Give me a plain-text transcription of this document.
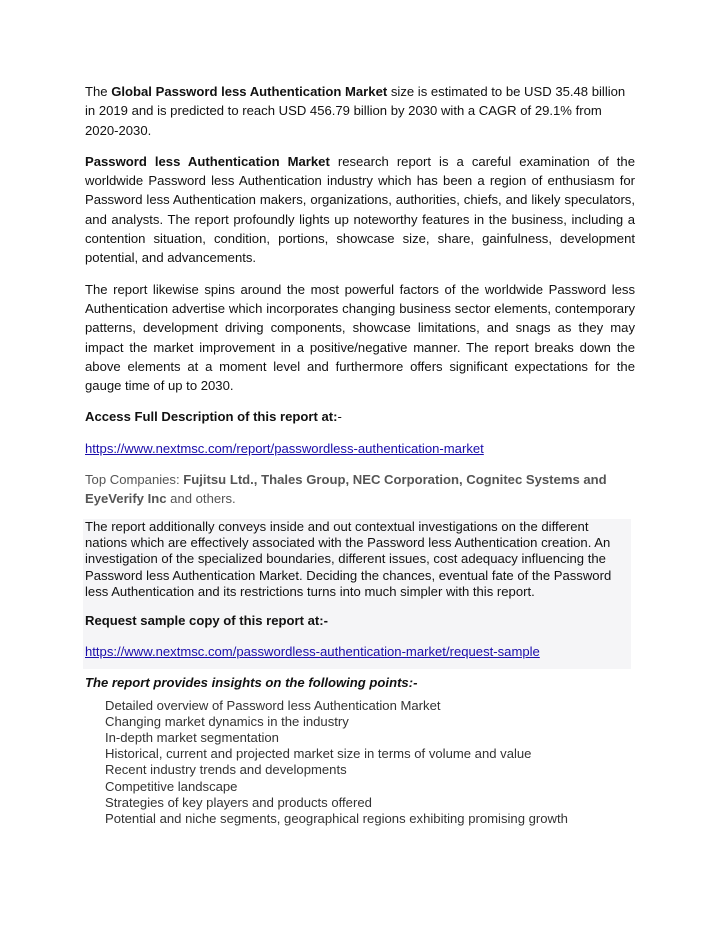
The Global Password less Authentication Market size is estimated to be USD 35.48 billion in 2019 and is predicted to reach USD 456.79 billion by 2030 with a CAGR of 29.1% from 2020-2030.

Password less Authentication Market research report is a careful examination of the worldwide Password less Authentication industry which has been a region of enthusiasm for Password less Authentication makers, organizations, authorities, chiefs, and likely speculators, and analysts. The report profoundly lights up noteworthy features in the business, including a contention situation, condition, portions, showcase size, share, gainfulness, development potential, and advancements.

The report likewise spins around the most powerful factors of the worldwide Password less Authentication advertise which incorporates changing business sector elements, contemporary patterns, development driving components, showcase limitations, and snags as they may impact the market improvement in a positive/negative manner. The report breaks down the above elements at a moment level and furthermore offers significant expectations for the gauge time of up to 2030.

Access Full Description of this report at:-

https://www.nextmsc.com/report/passwordless-authentication-market

Top Companies: Fujitsu Ltd., Thales Group, NEC Corporation, Cognitec Systems and EyeVerify Inc and others.

The report additionally conveys inside and out contextual investigations on the different nations which are effectively associated with the Password less Authentication creation. An investigation of the specialized boundaries, different issues, cost adequacy influencing the Password less Authentication Market. Deciding the chances, eventual fate of the Password less Authentication and its restrictions turns into much simpler with this report.

Request sample copy of this report at:-

https://www.nextmsc.com/passwordless-authentication-market/request-sample

The report provides insights on the following points:-

Detailed overview of Password less Authentication Market
Changing market dynamics in the industry
In-depth market segmentation
Historical, current and projected market size in terms of volume and value
Recent industry trends and developments
Competitive landscape
Strategies of key players and products offered
Potential and niche segments, geographical regions exhibiting promising growth
